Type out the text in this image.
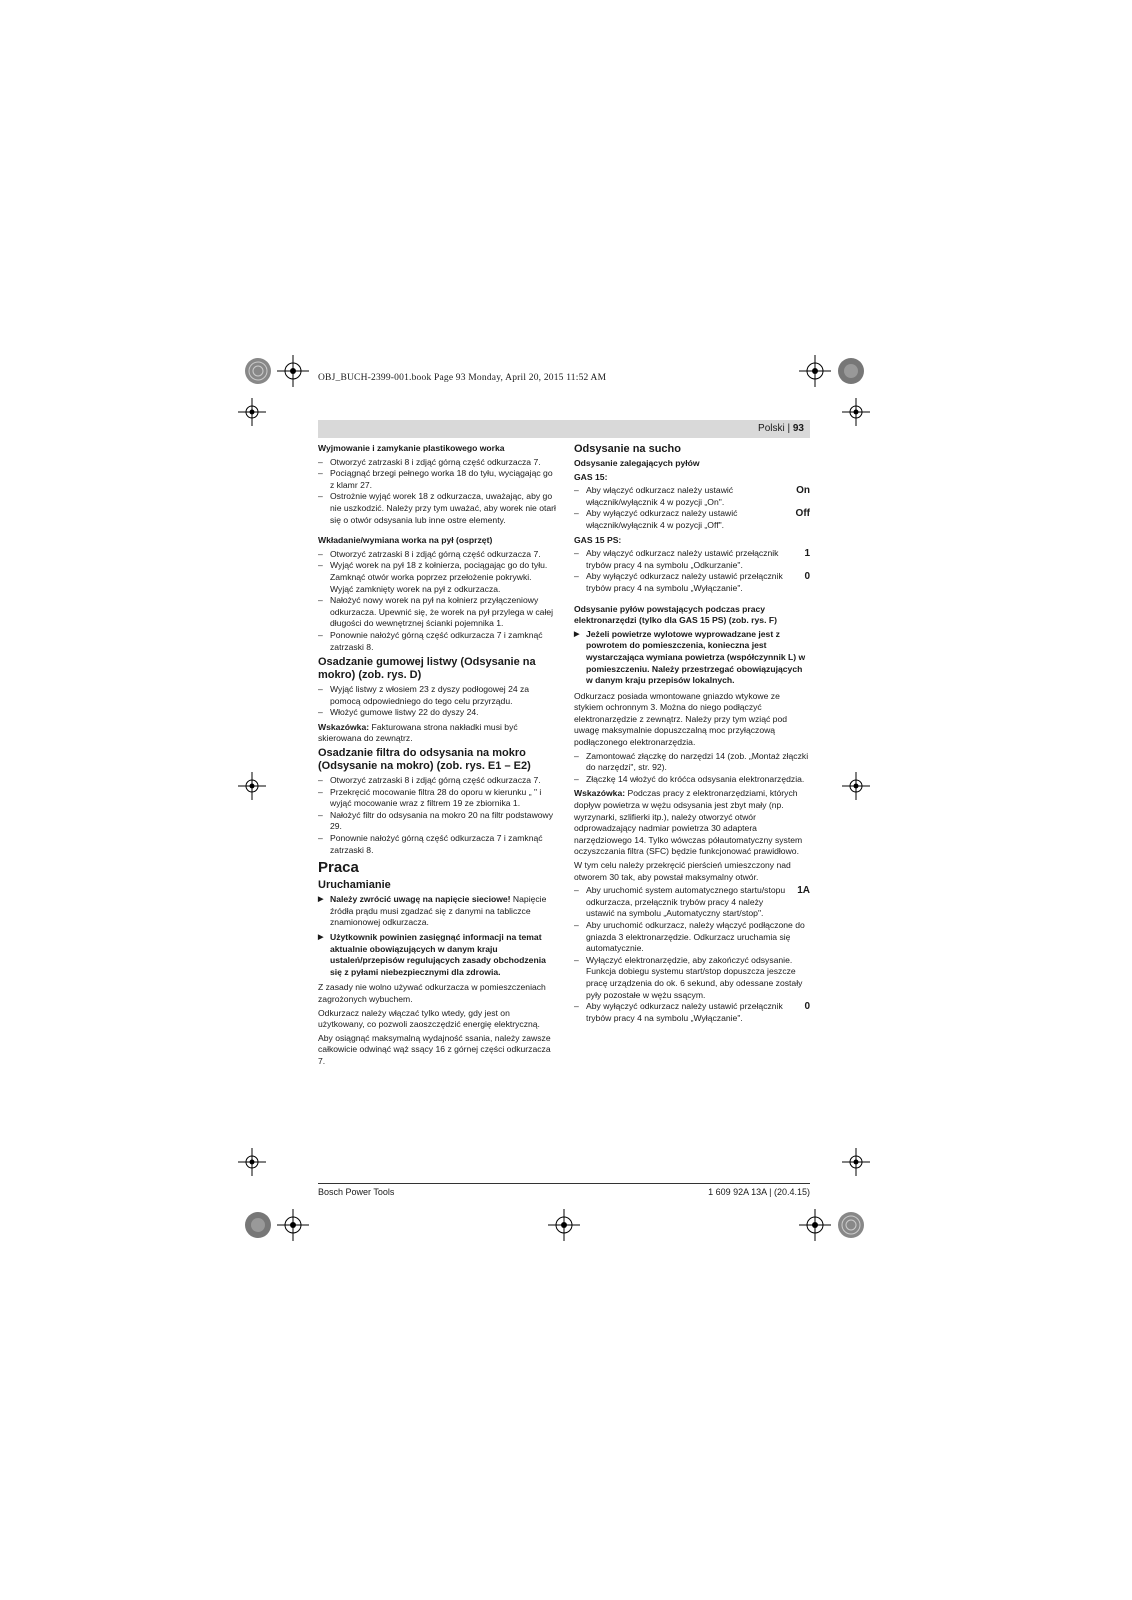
OBJ_BUCH-2399-001.book Page 93 Monday, April 20, 2015 11:52 AM
Polski | 93

Wyjmowanie i zamykanie plastikowego worka

– Otworzyć zatrzaski 8 i zdjąć górną część odkurzacza 7.
– Pociągnąć brzegi pełnego worka 18 do tyłu, wyciągając go z klamr 27.
– Ostrożnie wyjąć worek 18 z odkurzacza, uważając, aby go nie uszkodzić. Należy przy tym uważać, aby worek nie otarł się o otwór odsysania lub inne ostre elementy.

Wkładanie/wymiana worka na pył (osprzęt)

– Otworzyć zatrzaski 8 i zdjąć górną część odkurzacza 7.
– Wyjąć worek na pył 18 z kołnierza, pociągając go do tyłu. Zamknąć otwór worka poprzez przełożenie pokrywki. Wyjąć zamknięty worek na pył z odkurzacza.
– Nałożyć nowy worek na pył na kołnierz przyłączeniowy odkurzacza. Upewnić się, że worek na pył przylega w całej długości do wewnętrznej ścianki pojemnika 1.
– Ponownie nałożyć górną część odkurzacza 7 i zamknąć zatrzaski 8.

Osadzanie gumowej listwy (Odsysanie na mokro) (zob. rys. D)

– Wyjąć listwy z włosiem 23 z dyszy podłogowej 24 za pomocą odpowiedniego do tego celu przyrządu.
– Włożyć gumowe listwy 22 do dyszy 24.

Wskazówka: Fakturowana strona nakładki musi być skierowana do zewnątrz.

Osadzanie filtra do odsysania na mokro (Odsysanie na mokro) (zob. rys. E1 – E2)

– Otworzyć zatrzaski 8 i zdjąć górną część odkurzacza 7.
– Przekręcić mocowanie filtra 28 do oporu w kierunku „ " i wyjąć mocowanie wraz z filtrem 19 ze zbiornika 1.
– Nałożyć filtr do odsysania na mokro 20 na filtr podstawowy 29.
– Ponownie nałożyć górną część odkurzacza 7 i zamknąć zatrzaski 8.

Praca

Uruchamianie

▶ Należy zwrócić uwagę na napięcie sieciowe! Napięcie źródła prądu musi zgadzać się z danymi na tabliczce znamionowej odkurzacza.
▶ Użytkownik powinien zasięgnąć informacji na temat aktualnie obowiązujących w danym kraju ustaleń/przepisów regulujących zasady obchodzenia się z pyłami niebezpiecznymi dla zdrowia.

Z zasady nie wolno używać odkurzacza w pomieszczeniach zagrożonych wybuchem.

Odkurzacz należy włączać tylko wtedy, gdy jest on użytkowany, co pozwoli zaoszczędzić energię elektryczną.

Aby osiągnąć maksymalną wydajność ssania, należy zawsze całkowicie odwinąć wąż ssący 16 z górnej części odkurzacza 7.

Odsysanie na sucho

Odsysanie zalegających pyłów

GAS 15:

– Aby włączyć odkurzacz należy ustawić włącznik/wyłącznik 4 w pozycji „On".
On
– Aby wyłączyć odkurzacz należy ustawić włącznik/wyłącznik 4 w pozycji „Off".
Off

GAS 15 PS:

– Aby włączyć odkurzacz należy ustawić przełącznik trybów pracy 4 na symbolu „Odkurzanie".
1
– Aby wyłączyć odkurzacz należy ustawić przełącznik trybów pracy 4 na symbolu „Wyłączanie".
0

Odsysanie pyłów powstających podczas pracy elektronarzędzi (tylko dla GAS 15 PS) (zob. rys. F)

▶ Jeżeli powietrze wylotowe wyprowadzane jest z powrotem do pomieszczenia, konieczna jest wystarczająca wymiana powietrza (współczynnik L) w pomieszczeniu. Należy przestrzegać obowiązujących w danym kraju przepisów lokalnych.

Odkurzacz posiada wmontowane gniazdo wtykowe ze stykiem ochronnym 3. Można do niego podłączyć elektronarzędzie z zewnątrz. Należy przy tym wziąć pod uwagę maksymalnie dopuszczalną moc przyłączową podłączonego elektronarzędzia.

– Zamontować złączkę do narzędzi 14 (zob. „Montaż złączki do narzędzi", str. 92).
– Złączkę 14 włożyć do króćca odsysania elektronarzędzia.

Wskazówka: Podczas pracy z elektronarzędziami, których dopływ powietrza w wężu odsysania jest zbyt mały (np. wyrzynarki, szlifierki itp.), należy otworzyć otwór odprowadzający nadmiar powietrza 30 adaptera narzędziowego 14. Tylko wówczas półautomatyczny system oczyszczania filtra (SFC) będzie funkcjonować prawidłowo.

W tym celu należy przekręcić pierścień umieszczony nad otworem 30 tak, aby powstał maksymalny otwór.

– Aby uruchomić system automatycznego startu/stopu odkurzacza, przełącznik trybów pracy 4 należy ustawić na symbolu „Automatyczny start/stop".
1A
– Aby uruchomić odkurzacz, należy włączyć podłączone do gniazda 3 elektronarzędzie. Odkurzacz uruchamia się automatycznie.
– Wyłączyć elektronarzędzie, aby zakończyć odsysanie. Funkcja dobiegu systemu start/stop dopuszcza jeszcze pracę urządzenia do ok. 6 sekund, aby odessane zostały pyły pozostałe w wężu ssącym.
– Aby wyłączyć odkurzacz należy ustawić przełącznik trybów pracy 4 na symbolu „Wyłączanie".
0
Bosch Power Tools	1 609 92A 13A | (20.4.15)
